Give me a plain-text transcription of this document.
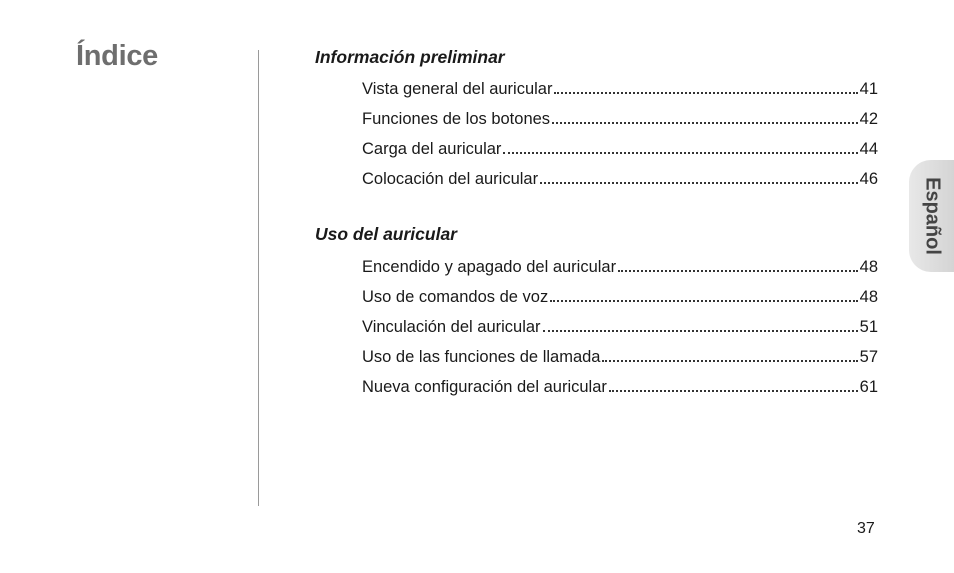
Índice	Información preliminar
Vista general del auricular	41
Funciones de los botones	42
Carga del auricular	44
Colocación del auricular	46
Uso del auricular
Encendido y apagado del auricular	48
Uso de comandos de voz	48
Vinculación del auricular	51
Uso de las funciones de llamada	57
Nueva configuración del auricular	61
Español
37
